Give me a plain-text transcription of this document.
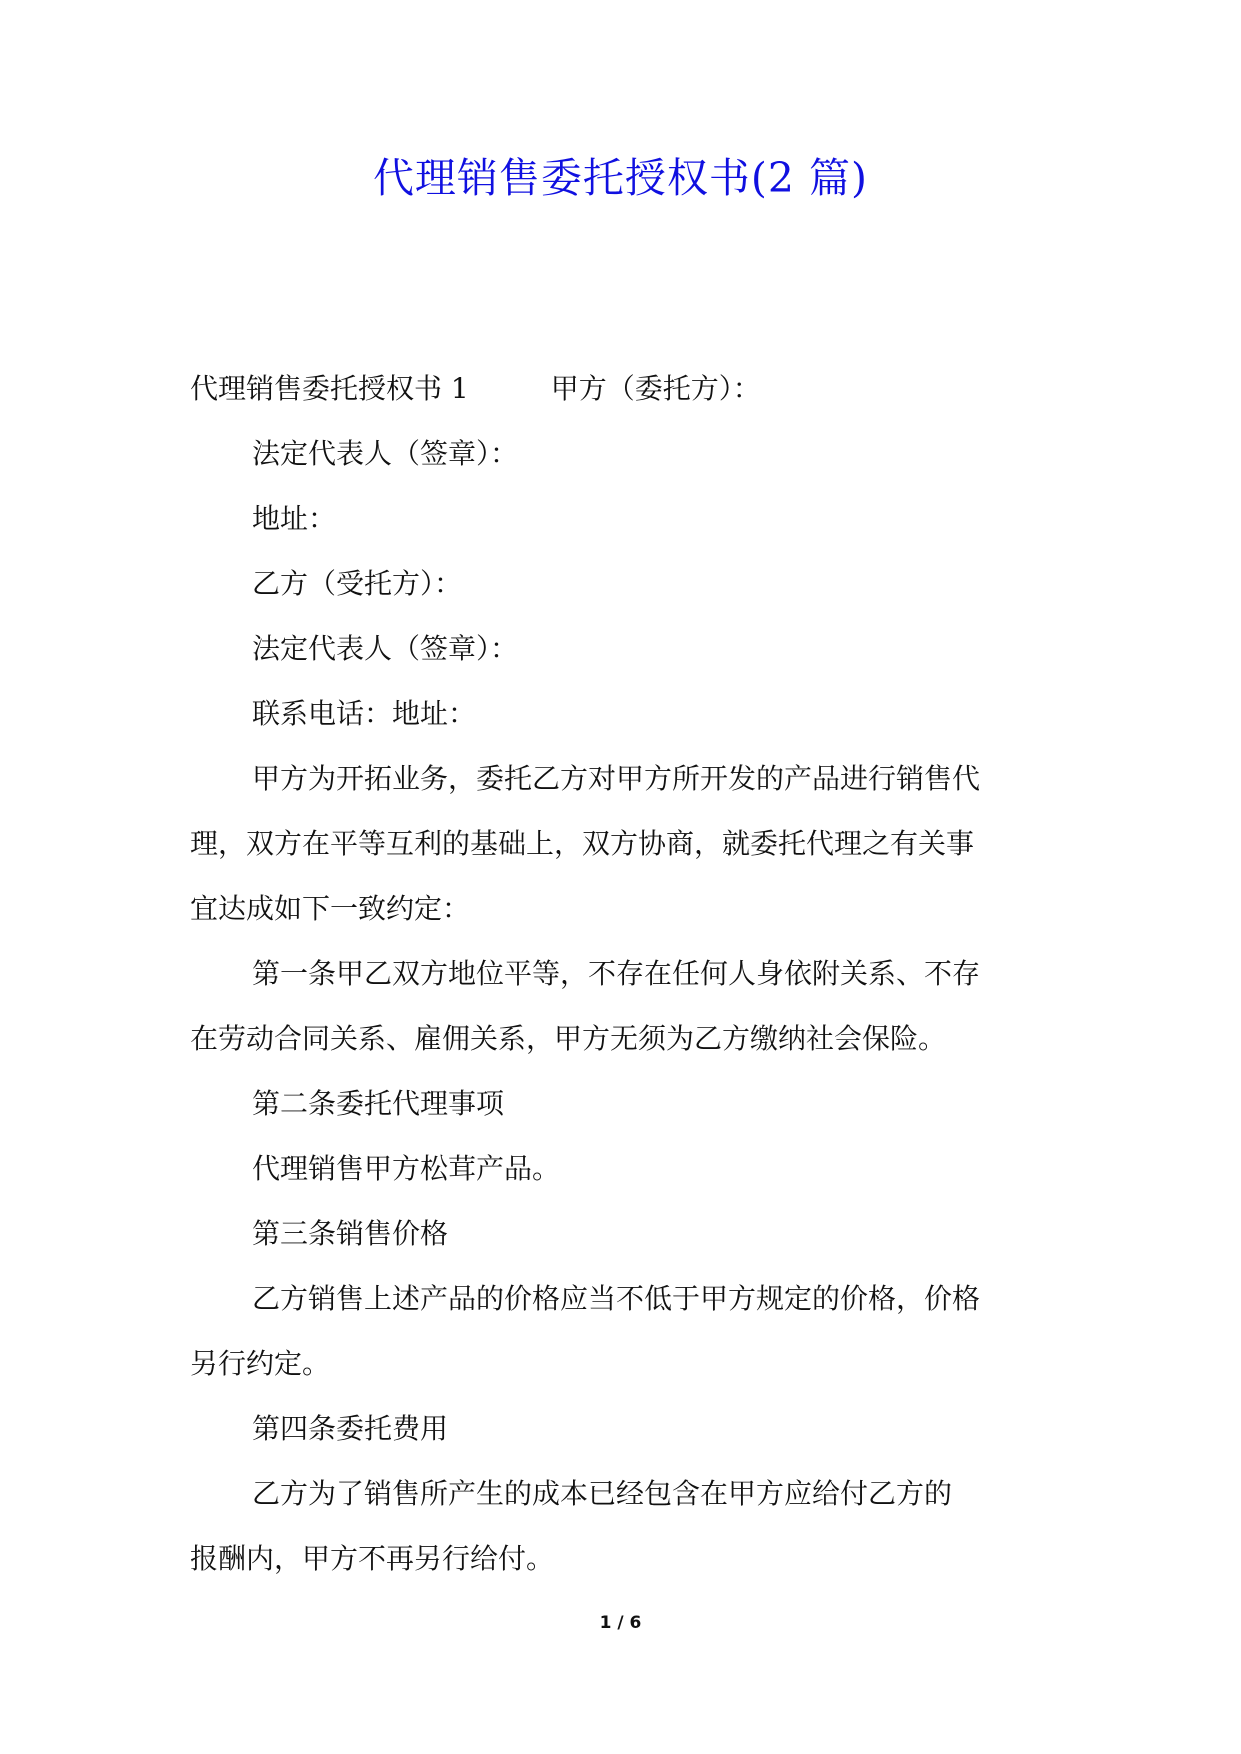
代理销售委托授权书(2 篇)

代理销售委托授权书 1	甲方（委托方）：

法定代表人（签章）：

地址：

乙方（受托方）：

法定代表人（签章）：

联系电话：地址：

甲方为开拓业务，委托乙方对甲方所开发的产品进行销售代

理，双方在平等互利的基础上，双方协商，就委托代理之有关事

宜达成如下一致约定：

第一条甲乙双方地位平等，不存在任何人身依附关系、不存

在劳动合同关系、雇佣关系，甲方无须为乙方缴纳社会保险。

第二条委托代理事项

代理销售甲方松茸产品。

第三条销售价格

乙方销售上述产品的价格应当不低于甲方规定的价格，价格

另行约定。

第四条委托费用

乙方为了销售所产生的成本已经包含在甲方应给付乙方的

报酬内，甲方不再另行给付。

1 / 6
